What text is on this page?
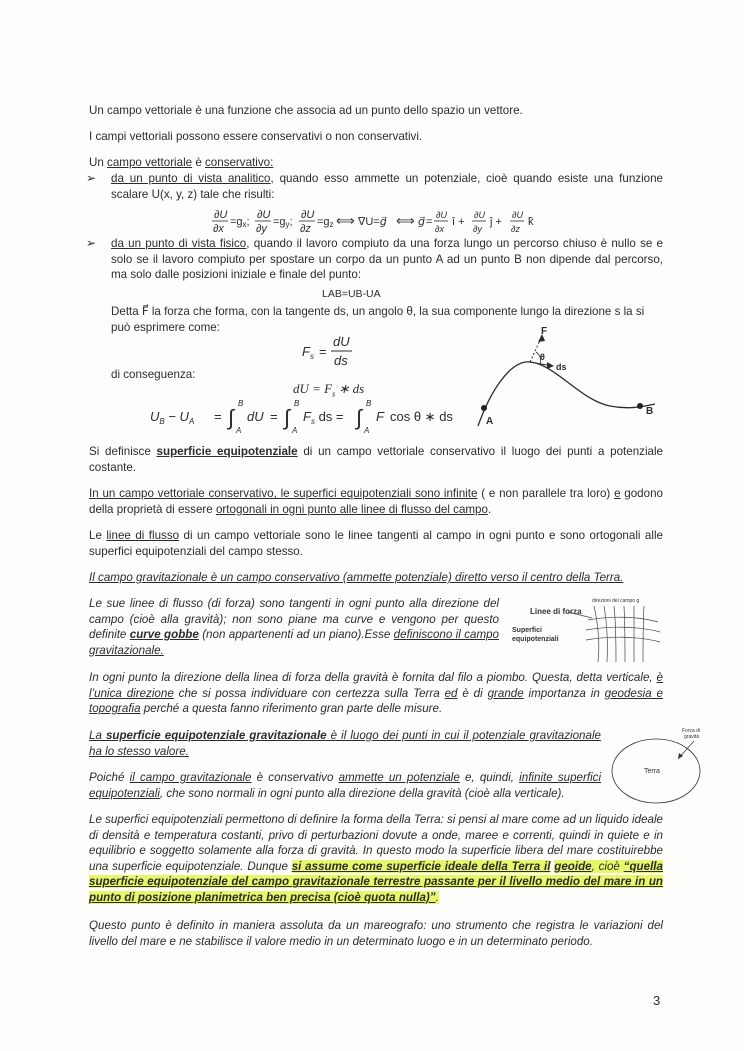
Un campo vettoriale è una funzione che associa ad un punto dello spazio un vettore.
I campi vettoriali possono essere conservativi o non conservativi.
Un campo vettoriale è conservativo:
➢ da un punto di vista analitico, quando esso ammette un potenziale, cioè quando esiste una funzione scalare U(x, y, z) tale che risulti:
∂U
∂x
=gx;
∂U
∂y
=gy;
∂U
∂z
=gz ⟺ ∇U=g⃗ ⟺ g⃗ =
∂U
∂x
î +
∂U
∂y
ĵ +
∂U
∂z
k̂
➢ da un punto di vista fisico, quando il lavoro compiuto da una forza lungo un percorso chiuso è nullo se e solo se il lavoro compiuto per spostare un corpo da un punto A ad un punto B non dipende dal percorso, ma solo dalle posizioni iniziale e finale del punto:
LAB=UB-UA
Detta F⃗ la forza che forma, con la tangente ds, un angolo θ, la sua componente lungo la direzione s la si può esprimere come:
$F_s$ =
dU
ds
di conseguenza:
dU = $F_s$ ∗ ds
$U_B - U_A$ = ∫
B
A
dU = ∫
B
A
$F_s$ ds = ∫
B
A
F cos θ ∗ ds
F
θ
ds
A
B
Si definisce superficie equipotenziale di un campo vettoriale conservativo il luogo dei punti a potenziale costante.
In un campo vettoriale conservativo, le superfici equipotenziali sono infinite ( e non parallele tra loro) e godono della proprietà di essere ortogonali in ogni punto alle linee di flusso del campo.
Le linee di flusso di un campo vettoriale sono le linee tangenti al campo in ogni punto e sono ortogonali alle superfici equipotenziali del campo stesso.
Il campo gravitazionale è un campo conservativo (ammette potenziale) diretto verso il centro della Terra.
Le sue linee di flusso (di forza) sono tangenti in ogni punto alla direzione del campo (cioè alla gravità); non sono piane ma curve e vengono per questo definite curve gobbe (non appartenenti ad un piano).Esse definiscono il campo gravitazionale.
direzioni del campo g
Linee di forza
Superfici
equipotenziali
In ogni punto la direzione della linea di forza della gravità è fornita dal filo a piombo. Questa, detta verticale, è l’unica direzione che si possa individuare con certezza sulla Terra ed è di grande importanza in geodesia e topografia perché a questa fanno riferimento gran parte delle misure.
La superficie equipotenziale gravitazionale è il luogo dei punti in cui il potenziale gravitazionale ha lo stesso valore.
Forza di
gravità
Terra
Poiché il campo gravitazionale è conservativo ammette un potenziale e, quindi, infinite superfici equipotenziali, che sono normali in ogni punto alla direzione della gravità (cioè alla verticale).
Le superfici equipotenziali permettono di definire la forma della Terra: si pensi al mare come ad un liquido ideale di densità e temperatura costanti, privo di perturbazioni dovute a onde, maree e correnti, quindi in quiete e in equilibrio e soggetto solamente alla forza di gravità. In questo modo la superficie libera del mare costituirebbe una superficie equipotenziale. Dunque si assume come superficie ideale della Terra il geoide, cioè “quella superficie equipotenziale del campo gravitazionale terrestre passante per il livello medio del mare in un punto di posizione planimetrica ben precisa (cioè quota nulla)”.
Questo punto è definito in maniera assoluta da un mareografo: uno strumento che registra le variazioni del livello del mare e ne stabilisce il valore medio in un determinato luogo e in un determinato periodo.
3
